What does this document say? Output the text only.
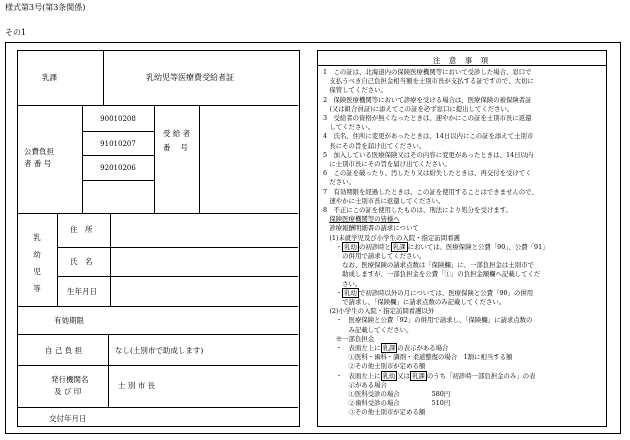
様式第3号(第3条関係)
その1
乳課	乳幼児等医療費受給者証
公費負担
者 番 号
90010208
91010207
92010206
受 給 者
番　 号
乳
幼
児
等
住　所
氏　名
生年月日
有効期限
自 己 負 担	なし(土別市で助成します)
発行機関名
及 び 印
士 別 市 長
交付年月日
注 意 事 項
1　この証は、北海道内の保険医療機関等において受診した場合、窓口で
　支払うべき自己負担金相当額を士別市長が支払する証ですので、大切に
　保管してください。
2　保険医療機関等において診療を受ける場合は、医療保険の被保険者証
　(又は組合員証)に添えてこの証を必ず窓口に提出してください。
3　受給者の資格が無くなったときは、速やかにこの証を士別市長に返還
　してください。
4　氏名、住所に変更があったときは、14日以内にこの証を添えて士別市
　長にその旨を届け出てください。
5　加入している医療保険又はその内容に変更があったときは、14日以内
　に士別市長にその旨を届け出てください。
6　この証を破ったり、汚したり又は紛失したときは、再交付を受けてく
　ださい。
7　有効期限を経過したときは、この証を使用することはできませんので、
　速やかに士別市長に返還してください。
8　不正にこの証を使用したものは、刑法により処分を受けます。
　保険医療機関等の皆様へ
　診療報酬明細書の請求について
　(1)未就学児及び小学生の入院・指定訪問看護
　　・ 乳幼 の初診時と 乳課 においては、医療保険と公費「90」、公費「91」
　　　の併用で請求してください。
　　　なお、医療保険の請求点数は「保険欄」に、一部負担金は士別市で
　　　助成しますが、一部負担金を公費「①」の負担金額欄へ記載してくだ
　　　さい。
　　・ 乳幼 で初診時以外の月については、医療保険と公費「90」の併用
　　　で請求し、「保険欄」に請求点数のみ記載してください。
　(2)小学生の入院・指定訪問看護以外
　　・　医療保険と公費「92」の併用で請求し、「保険欄」に請求点数の
　　　　み記載してください。
　　※一部負担金
　　・　表面左上に 乳課 の表示がある場合
　　　　①医科・歯科・調剤・柔道整復の場合　1割に相当する額
　　　　②その他士別市が定める額
　　・　表面左上に 乳幼 又は 乳課 のうち「初診時一部負担金のみ」の表
　　　　示がある場合
　　　　①医科受診の場合　　　　　580円
　　　　②歯科受診の場合　　　　　510円
　　　　③その他士別市が定める額
